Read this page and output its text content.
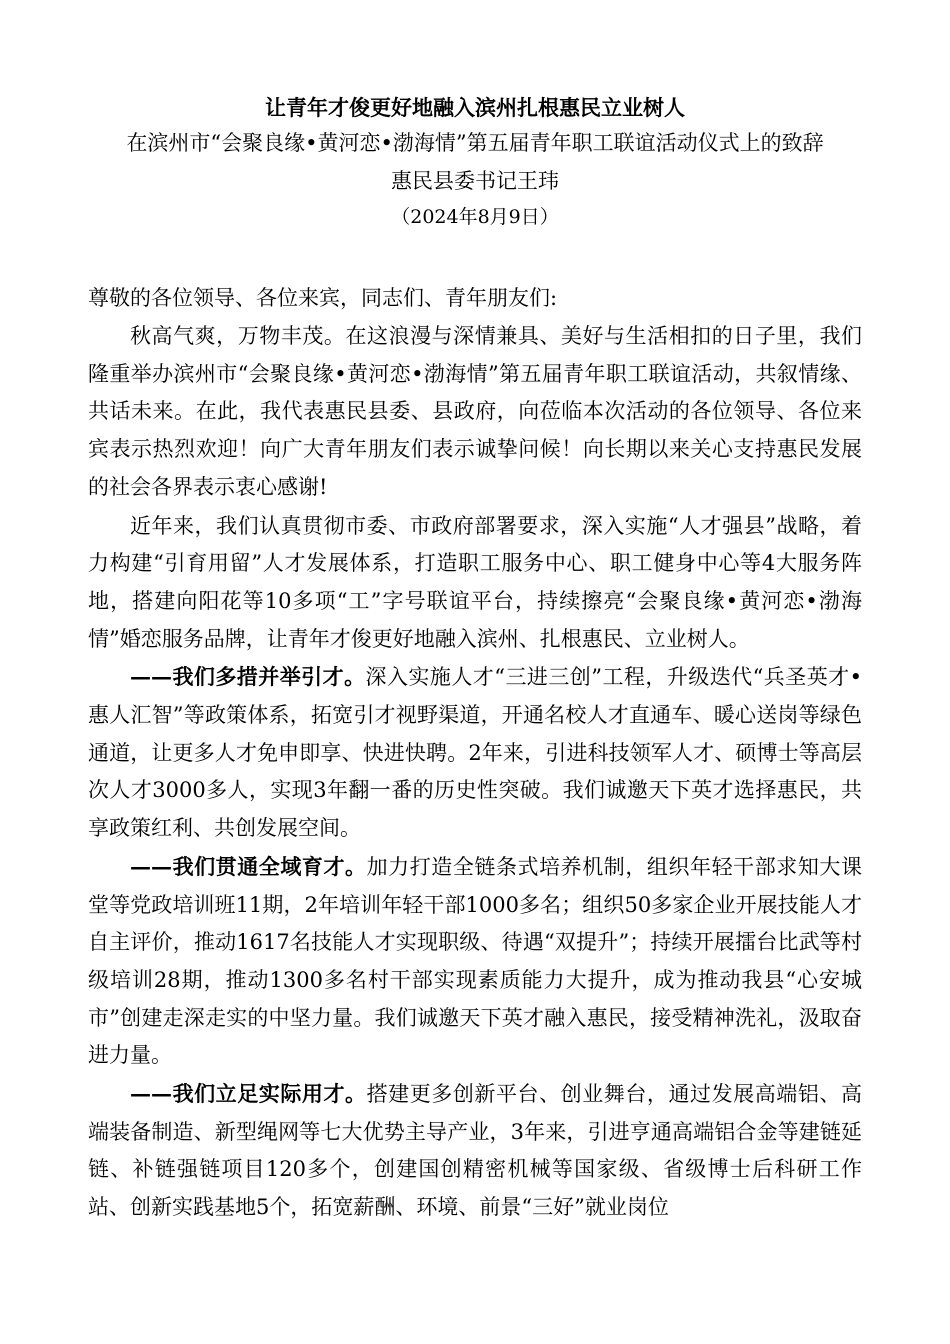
让青年才俊更好地融入滨州扎根惠民立业树人

在滨州市“会聚良缘•黄河恋•渤海情”第五届青年职工联谊活动仪式上的致辞

惠民县委书记王玮

（2024年8月9日）

尊敬的各位领导、各位来宾，同志们、青年朋友们:

秋高气爽，万物丰茂。在这浪漫与深情兼具、美好与生活相扣的日子里，我们隆重举办滨州市“会聚良缘•黄河恋•渤海情”第五届青年职工联谊活动，共叙情缘、共话未来。在此，我代表惠民县委、县政府，向莅临本次活动的各位领导、各位来宾表示热烈欢迎！向广大青年朋友们表示诚挚问候！向长期以来关心支持惠民发展的社会各界表示衷心感谢!

近年来，我们认真贯彻市委、市政府部署要求，深入实施“人才强县”战略，着力构建“引育用留”人才发展体系，打造职工服务中心、职工健身中心等4大服务阵地，搭建向阳花等10多项“工”字号联谊平台，持续擦亮“会聚良缘•黄河恋•渤海情”婚恋服务品牌，让青年才俊更好地融入滨州、扎根惠民、立业树人。

——我们多措并举引才。深入实施人才“三进三创”工程，升级迭代“兵圣英才•惠人汇智”等政策体系，拓宽引才视野渠道，开通名校人才直通车、暖心送岗等绿色通道，让更多人才免申即享、快进快聘。2年来，引进科技领军人才、硕博士等高层次人才3000多人，实现3年翻一番的历史性突破。我们诚邀天下英才选择惠民，共享政策红利、共创发展空间。

——我们贯通全域育才。加力打造全链条式培养机制，组织年轻干部求知大课堂等党政培训班11期，2年培训年轻干部1000多名；组织50多家企业开展技能人才自主评价，推动1617名技能人才实现职级、待遇“双提升”；持续开展擂台比武等村级培训28期，推动1300多名村干部实现素质能力大提升，成为推动我县“心安城市”创建走深走实的中坚力量。我们诚邀天下英才融入惠民，接受精神洗礼，汲取奋进力量。

——我们立足实际用才。搭建更多创新平台、创业舞台，通过发展高端铝、高端装备制造、新型绳网等七大优势主导产业，3年来，引进亨通高端铝合金等建链延链、补链强链项目120多个，创建国创精密机械等国家级、省级博士后科研工作站、创新实践基地5个，拓宽薪酬、环境、前景“三好”就业岗位
